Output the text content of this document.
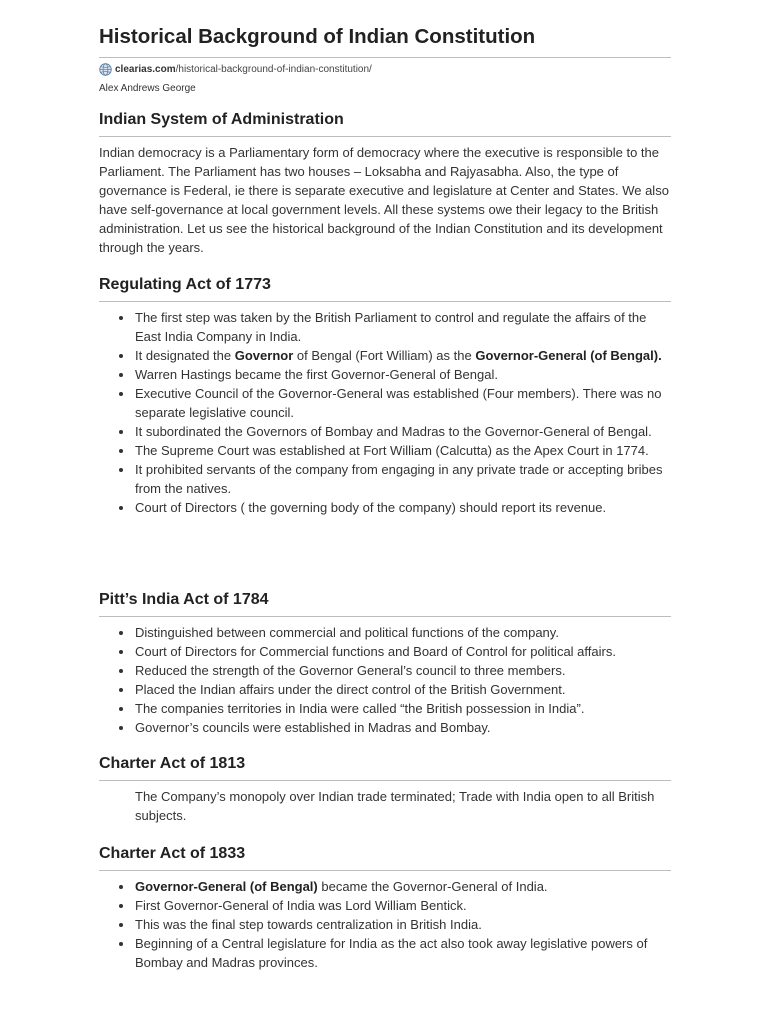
Historical Background of Indian Constitution
clearias.com /historical-background-of-indian-constitution/
Alex Andrews George
Indian System of Administration

Indian democracy is a Parliamentary form of democracy where the executive is responsible to the Parliament. The Parliament has two houses – Loksabha and Rajyasabha. Also, the type of governance is Federal, ie there is separate executive and legislature at Center and States. We also have self-governance at local government levels. All these systems owe their legacy to the British administration. Let us see the historical background of the Indian Constitution and its development through the years.

Regulating Act of 1773
The first step was taken by the British Parliament to control and regulate the affairs of the East India Company in India.
It designated the Governor of Bengal (Fort William) as the Governor-General (of Bengal).
Warren Hastings became the first Governor-General of Bengal.
Executive Council of the Governor-General was established (Four members). There was no separate legislative council.
It subordinated the Governors of Bombay and Madras to the Governor-General of Bengal.
The Supreme Court was established at Fort William (Calcutta) as the Apex Court in 1774.
It prohibited servants of the company from engaging in any private trade or accepting bribes from the natives.
Court of Directors ( the governing body of the company) should report its revenue.
Pitt’s India Act of 1784
Distinguished between commercial and political functions of the company.
Court of Directors for Commercial functions and Board of Control for political affairs.
Reduced the strength of the Governor General’s council to three members.
Placed the Indian affairs under the direct control of the British Government.
The companies territories in India were called “the British possession in India”.
Governor’s councils were established in Madras and Bombay.
Charter Act of 1813

The Company’s monopoly over Indian trade terminated; Trade with India open to all British subjects.

Charter Act of 1833
Governor-General (of Bengal) became the Governor-General of India.
First Governor-General of India was Lord William Bentick.
This was the final step towards centralization in British India.
Beginning of a Central legislature for India as the act also took away legislative powers of Bombay and Madras provinces.
